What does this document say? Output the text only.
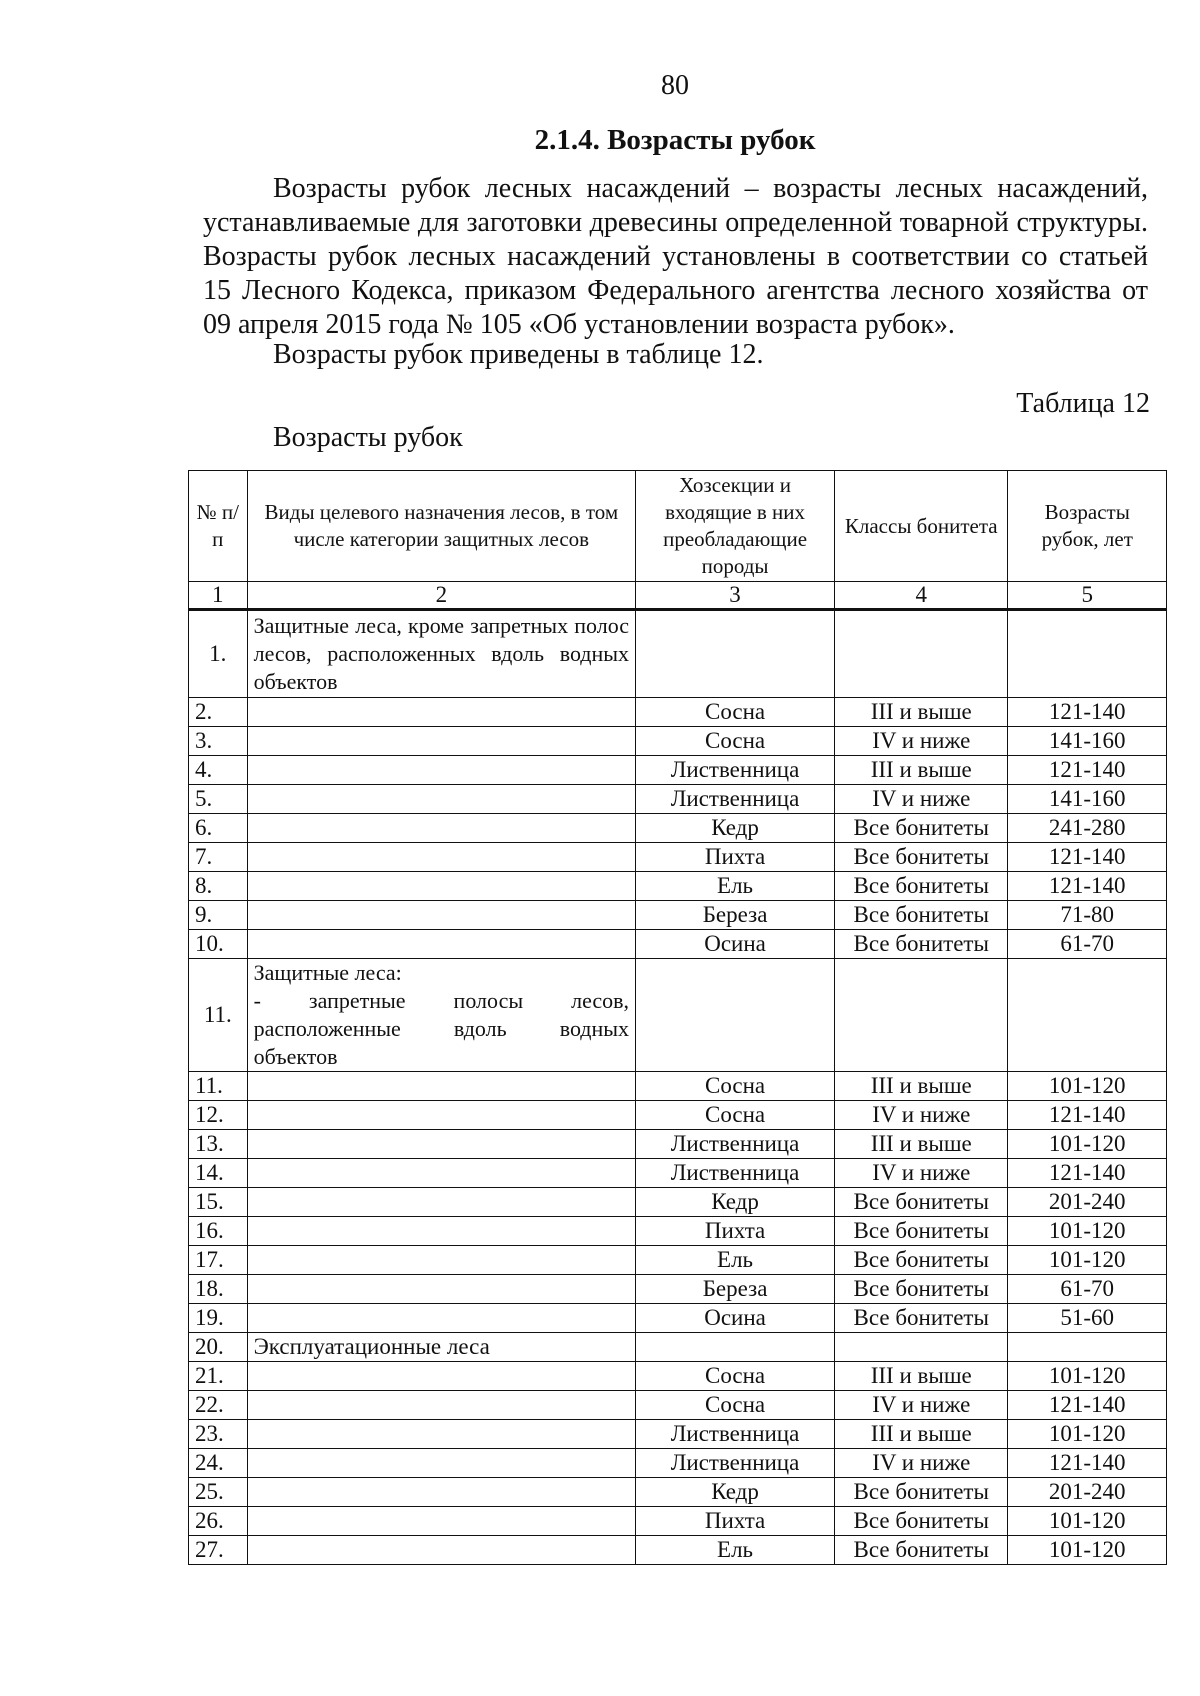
80
2.1.4. Возрасты рубок
Возрасты рубок лесных насаждений – возрасты лесных насаждений,
устанавливаемые для заготовки древесины определенной товарной структуры. Возрасты рубок лесных насаждений установлены в соответствии со статьей 15 Лесного Кодекса, приказом Федерального агентства лесного хозяйства от 09 апреля 2015 года № 105 «Об установлении возраста рубок».
Возрасты рубок приведены в таблице 12.
Таблица 12
Возрасты рубок
№ п/п	Виды целевого назначения лесов, в том числе категории защитных лесов	Хозсекции и входящие в них преобладающие породы	Классы бонитета	Возрасты рубок, лет
1	2	3	4	5
1.	Защитные леса, кроме запретных полос лесов, расположенных вдоль водных объектов			
2.		Сосна	III и выше	121-140
3.		Сосна	IV и ниже	141-160
4.		Лиственница	III и выше	121-140
5.		Лиственница	IV и ниже	141-160
6.		Кедр	Все бонитеты	241-280
7.		Пихта	Все бонитеты	121-140
8.		Ель	Все бонитеты	121-140
9.		Береза	Все бонитеты	71-80
10.		Осина	Все бонитеты	61-70
11.	Защитные леса:
- запретные полосы лесов,
расположенные вдоль водных
объектов			

11.		Сосна	III и выше	101-120
12.		Сосна	IV и ниже	121-140
13.		Лиственница	III и выше	101-120
14.		Лиственница	IV и ниже	121-140
15.		Кедр	Все бонитеты	201-240
16.		Пихта	Все бонитеты	101-120
17.		Ель	Все бонитеты	101-120
18.		Береза	Все бонитеты	61-70
19.		Осина	Все бонитеты	51-60
20.	Эксплуатационные леса			
21.		Сосна	III и выше	101-120
22.		Сосна	IV и ниже	121-140
23.		Лиственница	III и выше	101-120
24.		Лиственница	IV и ниже	121-140
25.		Кедр	Все бонитеты	201-240
26.		Пихта	Все бонитеты	101-120
27.		Ель	Все бонитеты	101-120
